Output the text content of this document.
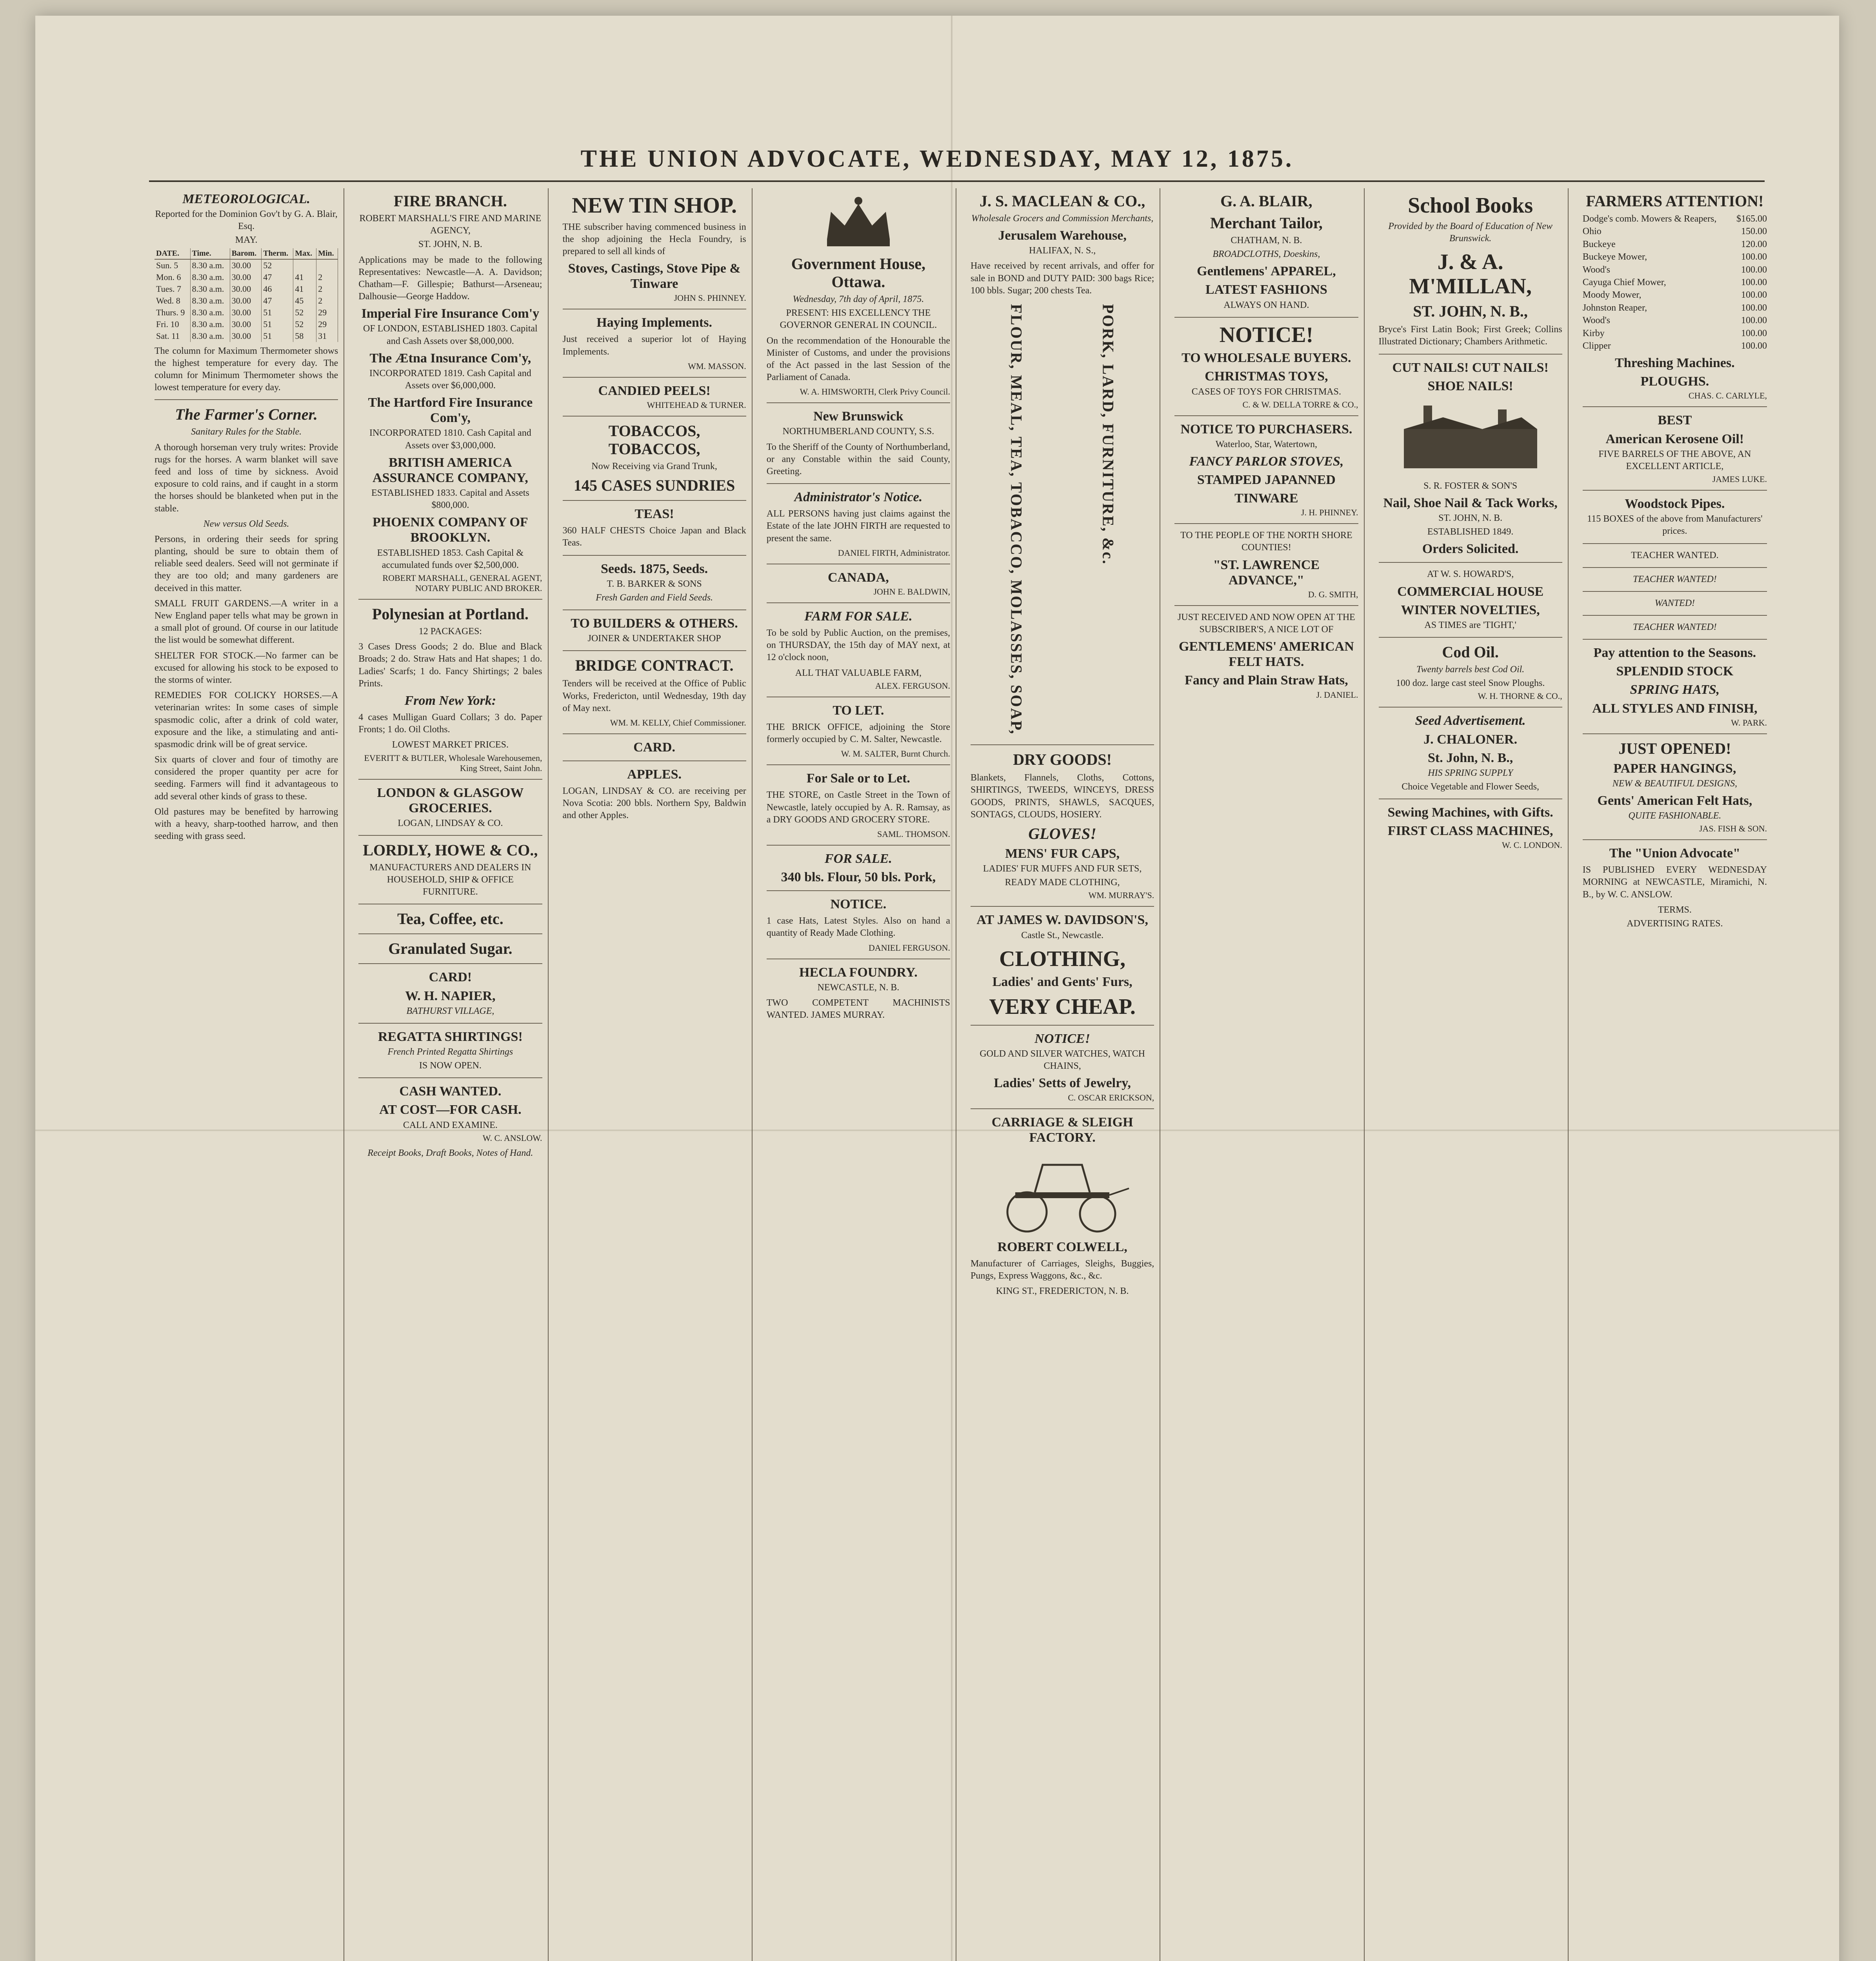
THE UNION ADVOCATE, WEDNESDAY, MAY 12, 1875.
METEOROLOGICAL.
Reported for the Dominion Gov't by G. A. Blair, Esq.
MAY.
DATE.	Time.	Barom.	Therm.	Max.	Min.
Sun. 5	8.30 a.m.	30.00	52		
Mon. 6	8.30 a.m.	30.00	47	41	2
Tues. 7	8.30 a.m.	30.00	46	41	2
Wed. 8	8.30 a.m.	30.00	47	45	2
Thurs. 9	8.30 a.m.	30.00	51	52	29
Fri. 10	8.30 a.m.	30.00	51	52	29
Sat. 11	8.30 a.m.	30.00	51	58	31
The column for Maximum Thermometer shows the highest temperature for every day. The column for Minimum Thermometer shows the lowest temperature for every day.
The Farmer's Corner.
Sanitary Rules for the Stable.
A thorough horseman very truly writes: Provide rugs for the horses. A warm blanket will save feed and loss of time by sickness. Avoid exposure to cold rains, and if caught in a storm the horses should be blanketed when put in the stable.
New versus Old Seeds.
Persons, in ordering their seeds for spring planting, should be sure to obtain them of reliable seed dealers. Seed will not germinate if they are too old; and many gardeners are deceived in this matter.
SMALL FRUIT GARDENS.—A writer in a New England paper tells what may be grown in a small plot of ground. Of course in our latitude the list would be somewhat different.
SHELTER FOR STOCK.—No farmer can be excused for allowing his stock to be exposed to the storms of winter.
REMEDIES FOR COLICKY HORSES.—A veterinarian writes: In some cases of simple spasmodic colic, after a drink of cold water, exposure and the like, a stimulating and anti-spasmodic drink will be of great service.
Six quarts of clover and four of timothy are considered the proper quantity per acre for seeding. Farmers will find it advantageous to add several other kinds of grass to these.
Old pastures may be benefited by harrowing with a heavy, sharp-toothed harrow, and then seeding with grass seed.
FIRE BRANCH.
ROBERT MARSHALL'S FIRE AND MARINE AGENCY,
ST. JOHN, N. B.
Applications may be made to the following Representatives: Newcastle—A. A. Davidson; Chatham—F. Gillespie; Bathurst—Arseneau; Dalhousie—George Haddow.
Imperial Fire Insurance Com'y
OF LONDON, ESTABLISHED 1803. Capital and Cash Assets over $8,000,000.
The Ætna Insurance Com'y,
INCORPORATED 1819. Cash Capital and Assets over $6,000,000.
The Hartford Fire Insurance Com'y,
INCORPORATED 1810. Cash Capital and Assets over $3,000,000.
BRITISH AMERICA ASSURANCE COMPANY,
ESTABLISHED 1833. Capital and Assets $800,000.
PHOENIX COMPANY OF BROOKLYN.
ESTABLISHED 1853. Cash Capital & accumulated funds over $2,500,000.
ROBERT MARSHALL, GENERAL AGENT, NOTARY PUBLIC AND BROKER.
Polynesian at Portland.
12 PACKAGES:
3 Cases Dress Goods; 2 do. Blue and Black Broads; 2 do. Straw Hats and Hat shapes; 1 do. Ladies' Scarfs; 1 do. Fancy Shirtings; 2 bales Prints.
From New York:
4 cases Mulligan Guard Collars; 3 do. Paper Fronts; 1 do. Oil Cloths.
LOWEST MARKET PRICES.
EVERITT & BUTLER, Wholesale Warehousemen, King Street, Saint John.
LONDON & GLASGOW GROCERIES.
LOGAN, LINDSAY & CO.
LORDLY, HOWE & CO.,
MANUFACTURERS AND DEALERS IN HOUSEHOLD, SHIP & OFFICE FURNITURE.
Tea, Coffee, etc.
Granulated Sugar.
CARD!
W. H. NAPIER,
BATHURST VILLAGE,
REGATTA SHIRTINGS!
French Printed Regatta Shirtings
IS NOW OPEN.
CASH WANTED.
AT COST—FOR CASH.
CALL AND EXAMINE.
W. C. ANSLOW.
Receipt Books, Draft Books, Notes of Hand.
NEW TIN SHOP.
THE subscriber having commenced business in the shop adjoining the Hecla Foundry, is prepared to sell all kinds of
Stoves, Castings, Stove Pipe & Tinware
JOHN S. PHINNEY.
Haying Implements.
Just received a superior lot of Haying Implements.
WM. MASSON.
CANDIED PEELS!
WHITEHEAD & TURNER.
TOBACCOS, TOBACCOS,
Now Receiving via Grand Trunk,
145 CASES SUNDRIES
TEAS!
360 HALF CHESTS Choice Japan and Black Teas.
Seeds. 1875, Seeds.
T. B. BARKER & SONS
Fresh Garden and Field Seeds.
TO BUILDERS & OTHERS.
JOINER & UNDERTAKER SHOP
BRIDGE CONTRACT.
Tenders will be received at the Office of Public Works, Fredericton, until Wednesday, 19th day of May next.
WM. M. KELLY, Chief Commissioner.
CARD.
APPLES.
LOGAN, LINDSAY & CO. are receiving per Nova Scotia: 200 bbls. Northern Spy, Baldwin and other Apples.
Government House, Ottawa.
Wednesday, 7th day of April, 1875.
PRESENT: HIS EXCELLENCY THE GOVERNOR GENERAL IN COUNCIL.
On the recommendation of the Honourable the Minister of Customs, and under the provisions of the Act passed in the last Session of the Parliament of Canada.
W. A. HIMSWORTH, Clerk Privy Council.
New Brunswick
NORTHUMBERLAND COUNTY, S.S.
To the Sheriff of the County of Northumberland, or any Constable within the said County, Greeting.
Administrator's Notice.
ALL PERSONS having just claims against the Estate of the late JOHN FIRTH are requested to present the same.
DANIEL FIRTH, Administrator.
CANADA,
JOHN E. BALDWIN,
FARM FOR SALE.
To be sold by Public Auction, on the premises, on THURSDAY, the 15th day of MAY next, at 12 o'clock noon,
ALL THAT VALUABLE FARM,
ALEX. FERGUSON.
TO LET.
THE BRICK OFFICE, adjoining the Store formerly occupied by C. M. Salter, Newcastle.
W. M. SALTER, Burnt Church.
For Sale or to Let.
THE STORE, on Castle Street in the Town of Newcastle, lately occupied by A. R. Ramsay, as a DRY GOODS AND GROCERY STORE.
SAML. THOMSON.
FOR SALE.
340 bls. Flour, 50 bls. Pork,
NOTICE.
1 case Hats, Latest Styles. Also on hand a quantity of Ready Made Clothing.
DANIEL FERGUSON.
HECLA FOUNDRY.
NEWCASTLE, N. B.
TWO COMPETENT MACHINISTS WANTED. JAMES MURRAY.
J. S. MACLEAN & CO.,
Wholesale Grocers and Commission Merchants,
Jerusalem Warehouse,
HALIFAX, N. S.,
Have received by recent arrivals, and offer for sale in BOND and DUTY PAID: 300 bags Rice; 100 bbls. Sugar; 200 chests Tea.
FLOUR, MEAL, TEA, TOBACCO, MOLASSES, SOAP,	PORK, LARD, FURNITURE, &c.
DRY GOODS!
Blankets, Flannels, Cloths, Cottons, SHIRTINGS, TWEEDS, WINCEYS, DRESS GOODS, PRINTS, SHAWLS, SACQUES, SONTAGS, CLOUDS, HOSIERY.
GLOVES!
MENS' FUR CAPS,
LADIES' FUR MUFFS AND FUR SETS,
READY MADE CLOTHING,
WM. MURRAY'S.
AT JAMES W. DAVIDSON'S,
Castle St., Newcastle.
CLOTHING,
Ladies' and Gents' Furs,
VERY CHEAP.
NOTICE!
GOLD AND SILVER WATCHES, WATCH CHAINS,
Ladies' Setts of Jewelry,
C. OSCAR ERICKSON,
CARRIAGE & SLEIGH FACTORY.
ROBERT COLWELL,
Manufacturer of Carriages, Sleighs, Buggies, Pungs, Express Waggons, &c., &c.
KING ST., FREDERICTON, N. B.
G. A. BLAIR,
Merchant Tailor,
CHATHAM, N. B.
BROADCLOTHS, Doeskins,
Gentlemens' APPAREL,
LATEST FASHIONS
ALWAYS ON HAND.
NOTICE!
TO WHOLESALE BUYERS.
CHRISTMAS TOYS,
CASES OF TOYS FOR CHRISTMAS.
C. & W. DELLA TORRE & CO.,
NOTICE TO PURCHASERS.
Waterloo, Star, Watertown,
FANCY PARLOR STOVES,
STAMPED JAPANNED
TINWARE
J. H. PHINNEY.
TO THE PEOPLE OF THE NORTH SHORE COUNTIES!
"ST. LAWRENCE ADVANCE,"
D. G. SMITH,
JUST RECEIVED AND NOW OPEN AT THE SUBSCRIBER'S, A NICE LOT OF
GENTLEMENS' AMERICAN FELT HATS.
Fancy and Plain Straw Hats,
J. DANIEL.
School Books
Provided by the Board of Education of New Brunswick.
J. & A. M'MILLAN,
ST. JOHN, N. B.,
Bryce's First Latin Book; First Greek; Collins Illustrated Dictionary; Chambers Arithmetic.
CUT NAILS! CUT NAILS!
SHOE NAILS!
S. R. FOSTER & SON'S
Nail, Shoe Nail & Tack Works,
ST. JOHN, N. B.
ESTABLISHED 1849.
Orders Solicited.
AT W. S. HOWARD'S,
COMMERCIAL HOUSE
WINTER NOVELTIES,
AS TIMES are 'TIGHT,'
Cod Oil.
Twenty barrels best Cod Oil.
100 doz. large cast steel Snow Ploughs.
W. H. THORNE & CO.,
Seed Advertisement.
J. CHALONER.
St. John, N. B.,
HIS SPRING SUPPLY
Choice Vegetable and Flower Seeds,
Sewing Machines, with Gifts.
FIRST CLASS MACHINES,
W. C. LONDON.
FARMERS ATTENTION!
Dodge's comb. Mowers & Reapers, $165.00
Ohio	150.00
Buckeye	120.00
Buckeye Mower,	100.00
Wood's	100.00
Cayuga Chief Mower,	100.00
Moody Mower,	100.00
Johnston Reaper,	100.00
Wood's	100.00
Kirby	100.00
Clipper	100.00
Threshing Machines.
PLOUGHS.
CHAS. C. CARLYLE,
BEST
American Kerosene Oil!
FIVE BARRELS OF THE ABOVE, AN EXCELLENT ARTICLE,
JAMES LUKE.
Woodstock Pipes.
115 BOXES of the above from Manufacturers' prices.
TEACHER WANTED.
TEACHER WANTED!
WANTED!
TEACHER WANTED!
Pay attention to the Seasons.
SPLENDID STOCK
SPRING HATS,
ALL STYLES AND FINISH,
W. PARK.
JUST OPENED!
PAPER HANGINGS,
NEW & BEAUTIFUL DESIGNS,
Gents' American Felt Hats,
QUITE FASHIONABLE.
JAS. FISH & SON.
The "Union Advocate"
IS PUBLISHED EVERY WEDNESDAY MORNING at NEWCASTLE, Miramichi, N. B., by W. C. ANSLOW.
TERMS.
ADVERTISING RATES.
